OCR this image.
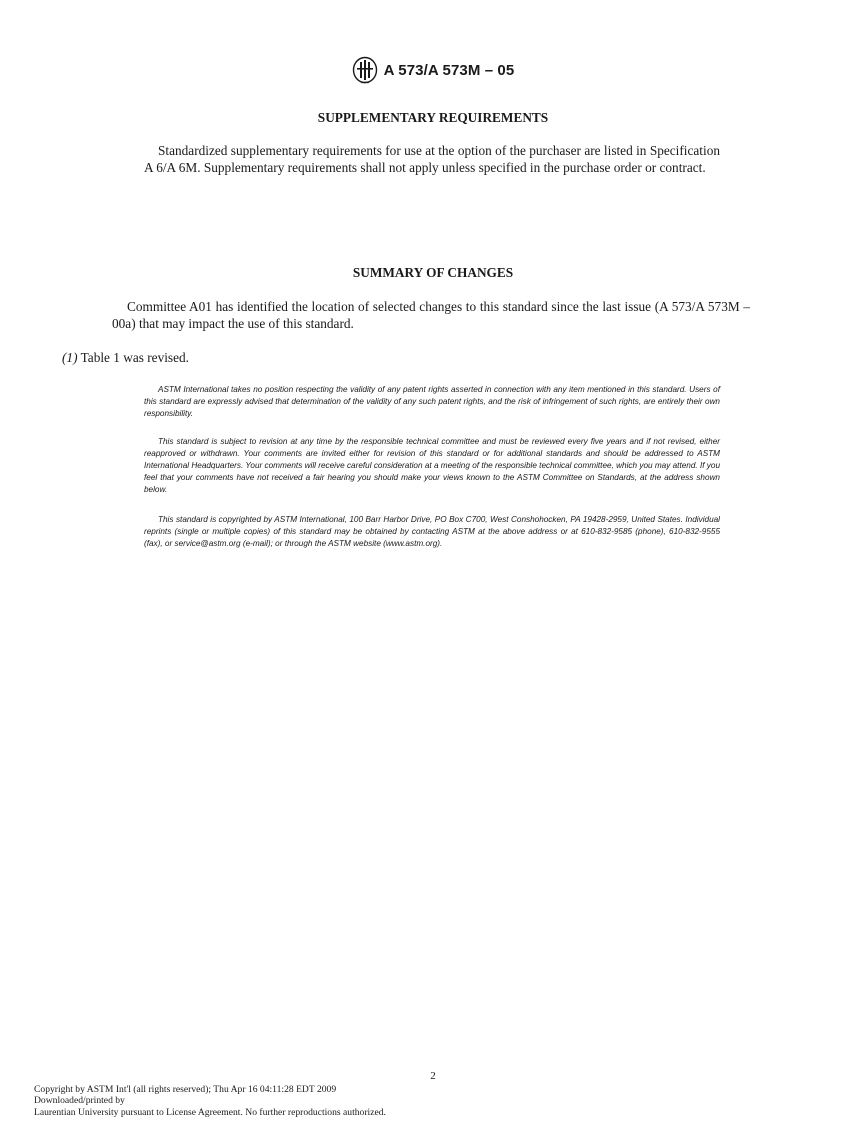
ASTM
A 573/A 573M – 05
SUPPLEMENTARY REQUIREMENTS
Standardized supplementary requirements for use at the option of the purchaser are listed in Specification A 6/A 6M. Supplementary requirements shall not apply unless specified in the purchase order or contract.
SUMMARY OF CHANGES
Committee A01 has identified the location of selected changes to this standard since the last issue (A 573/A 573M – 00a) that may impact the use of this standard.
(1) Table 1 was revised.
ASTM International takes no position respecting the validity of any patent rights asserted in connection with any item mentioned in this standard. Users of this standard are expressly advised that determination of the validity of any such patent rights, and the risk of infringement of such rights, are entirely their own responsibility.
This standard is subject to revision at any time by the responsible technical committee and must be reviewed every five years and if not revised, either reapproved or withdrawn. Your comments are invited either for revision of this standard or for additional standards and should be addressed to ASTM International Headquarters. Your comments will receive careful consideration at a meeting of the responsible technical committee, which you may attend. If you feel that your comments have not received a fair hearing you should make your views known to the ASTM Committee on Standards, at the address shown below.
This standard is copyrighted by ASTM International, 100 Barr Harbor Drive, PO Box C700, West Conshohocken, PA 19428-2959, United States. Individual reprints (single or multiple copies) of this standard may be obtained by contacting ASTM at the above address or at 610-832-9585 (phone), 610-832-9555 (fax), or service@astm.org (e-mail); or through the ASTM website (www.astm.org).
2
Copyright by ASTM Int'l (all rights reserved); Thu Apr 16 04:11:28 EDT 2009
Downloaded/printed by
Laurentian University pursuant to License Agreement. No further reproductions authorized.
